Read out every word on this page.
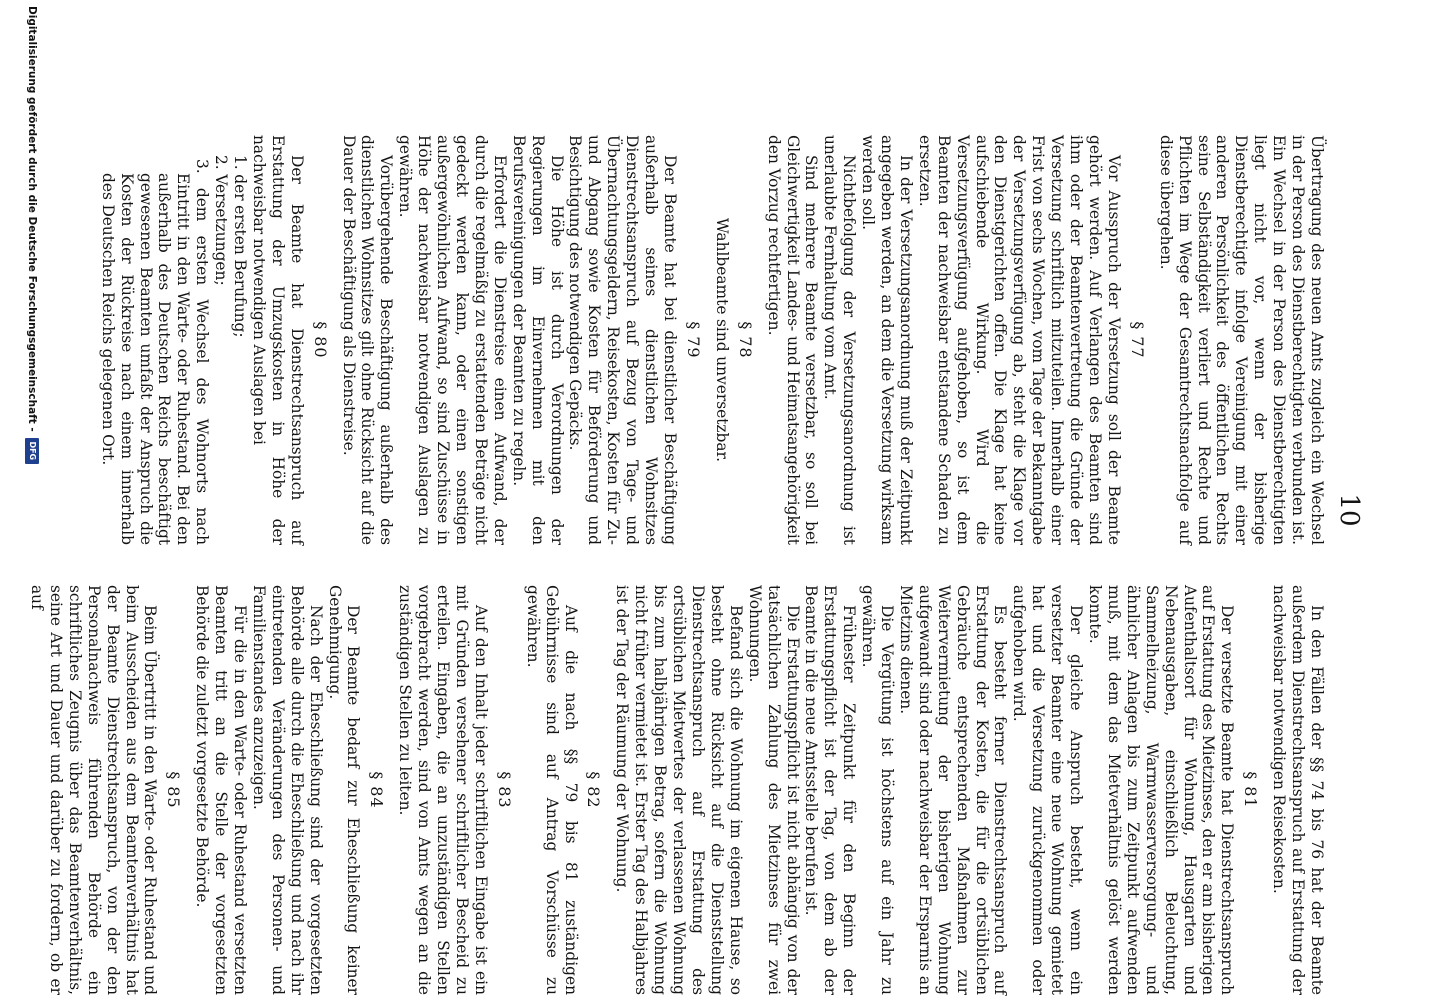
10

Übertragung des neuen Amts zugleich ein Wechsel in der Person des Dienstberechtigten verbunden ist. Ein Wechsel in der Person des Dienstberechtigten liegt nicht vor, wenn der bisherige Dienstberechtigte infolge Vereinigung mit einer anderen Persönlichkeit des öffentlichen Rechts seine Selbständigkeit verliert und Rechte und Pflichten im Wege der Gesamtrechtsnachfolge auf diese übergehen.

§ 77

Vor Ausspruch der Versetzung soll der Beamte gehört werden. Auf Verlangen des Beamten sind ihm oder der Beamtenvertretung die Gründe der Versetzung schriftlich mitzuteilen. Innerhalb einer Frist von sechs Wochen, vom Tage der Bekanntgabe der Versetzungsverfügung ab, steht die Klage vor den Dienstgerichten offen. Die Klage hat keine aufschiebende Wirkung. Wird die Versetzungsverfügung aufgehoben, so ist dem Beamten der nachweisbar entstandene Schaden zu ersetzen.

In der Versetzungsanordnung muß der Zeitpunkt angegeben werden, an dem die Versetzung wirksam werden soll.

Nichtbefolgung der Versetzungsanordnung ist unerlaubte Fernhaltung vom Amt.

Sind mehrere Beamte versetzbar, so soll bei Gleichwertigkeit Landes- und Heimatsangehörigkeit den Vorzug rechtfertigen.

§ 78

Wahlbeamte sind unversetzbar.

§ 79

Der Beamte hat bei dienstlicher Beschäftigung außerhalb seines dienstlichen Wohnsitzes Dienstrechtsanspruch auf Bezug von Tage- und Übernachtungsgeldern, Reisekosten, Kosten für Zu- und Abgang sowie Kosten für Beförderung und Besichtigung des notwendigen Gepäcks.

Die Höhe ist durch Verordnungen der Regierungen im Einvernehmen mit den Berufsvereinigungen der Beamten zu regeln.

Erfordert die Dienstreise einen Aufwand, der durch die regelmäßig zu erstattenden Beträge nicht gedeckt werden kann, oder einen sonstigen außergewöhnlichen Aufwand, so sind Zuschüsse in Höhe der nachweisbar notwendigen Auslagen zu gewähren.

Vorübergehende Beschäftigung außerhalb des dienstlichen Wohnsitzes gilt ohne Rücksicht auf die Dauer der Beschäftigung als Dienstreise.

§ 80

Der Beamte hat Dienstrechtsanspruch auf Erstattung der Umzugskosten in Höhe der nachweisbar notwendigen Auslagen bei

1. der ersten Berufung;

2. Versetzungen;

3. dem ersten Wechsel des Wohnorts nach Eintritt in den Warte- oder Ruhestand. Bei den außerhalb des Deutschen Reichs beschäftigt gewesenen Beamten umfaßt der Anspruch die Kosten der Rückreise nach einem innerhalb des Deutschen Reichs gelegenen Ort.

In den Fällen der §§ 74 bis 76 hat der Beamte außerdem Dienstrechtsanspruch auf Erstattung der nachweisbar notwendigen Reisekosten.

§ 81

Der versetzte Beamte hat Dienstrechtsanspruch auf Erstattung des Mietzinses, den er am bisherigen Aufenthaltsort für Wohnung, Hausgarten und Nebenausgaben, einschließlich Beleuchtung, Sammelheizung, Warmwasserversorgung- und ähnlicher Anlagen bis zum Zeitpunkt aufwenden muß, mit dem das Mietverhältnis gelöst werden konnte.

Der gleiche Anspruch besteht, wenn ein versetzter Beamter eine neue Wohnung gemietet hat und die Versetzung zurückgenommen oder aufgehoben wird.

Es besteht ferner Dienstrechtsanspruch auf Erstattung der Kosten, die für die ortsüblichen Gebräuche entsprechenden Maßnahmen zur Weitervermietung der bisherigen Wohnung aufgewandt sind oder nachweisbar der Ersparnis an Mietzins dienen.

Die Vergütung ist höchstens auf ein Jahr zu gewähren.

Frühester Zeitpunkt für den Beginn der Erstattungspflicht ist der Tag, von dem ab der Beamte in die neue Amtsstelle berufen ist.

Die Erstattungspflicht ist nicht abhängig von der tatsächlichen Zahlung des Mietzinses für zwei Wohnungen.

Befand sich die Wohnung im eigenen Hause, so besteht ohne Rücksicht auf die Dienststellung Dienstrechtsanspruch auf Erstattung des ortsüblichen Mietwertes der verlassenen Wohnung bis zum halbjährigen Betrag, sofern die Wohnung nicht früher vermietet ist. Erster Tag des Halbjahres ist der Tag der Räumung der Wohnung.

§ 82

Auf die nach §§ 79 bis 81 zuständigen Gebührnisse sind auf Antrag Vorschüsse zu gewähren.

§ 83

Auf den Inhalt jeder schriftlichen Eingabe ist ein mit Gründen versehener schriftlicher Bescheid zu erteilen. Eingaben, die an unzuständigen Stellen vorgebracht werden, sind von Amts wegen an die zuständigen Stellen zu leiten.

§ 84

Der Beamte bedarf zur Eheschließung keiner Genehmigung.

Nach der Eheschließung sind der vorgesetzten Behörde alle durch die Eheschließung und nach ihr eintretenden Veränderungen des Personen- und Familienstandes anzuzeigen.

Für die in den Warte- oder Ruhestand versetzten Beamten tritt an die Stelle der vorgesetzten Behörde die zuletzt vorgesetzte Behörde.

§ 85

Beim Übertritt in den Warte- oder Ruhestand und beim Ausscheiden aus dem Beamtenverhältnis hat der Beamte Dienstrechtsanspruch, von der den Personalnachweis führenden Behörde ein schriftliches Zeugnis über das Beamtenverhältnis, seine Art und Dauer und darüber zu fordern, ob er auf

Digitalisierung gefördert durch die Deutsche Forschungsgemeinschaft -
DFG
